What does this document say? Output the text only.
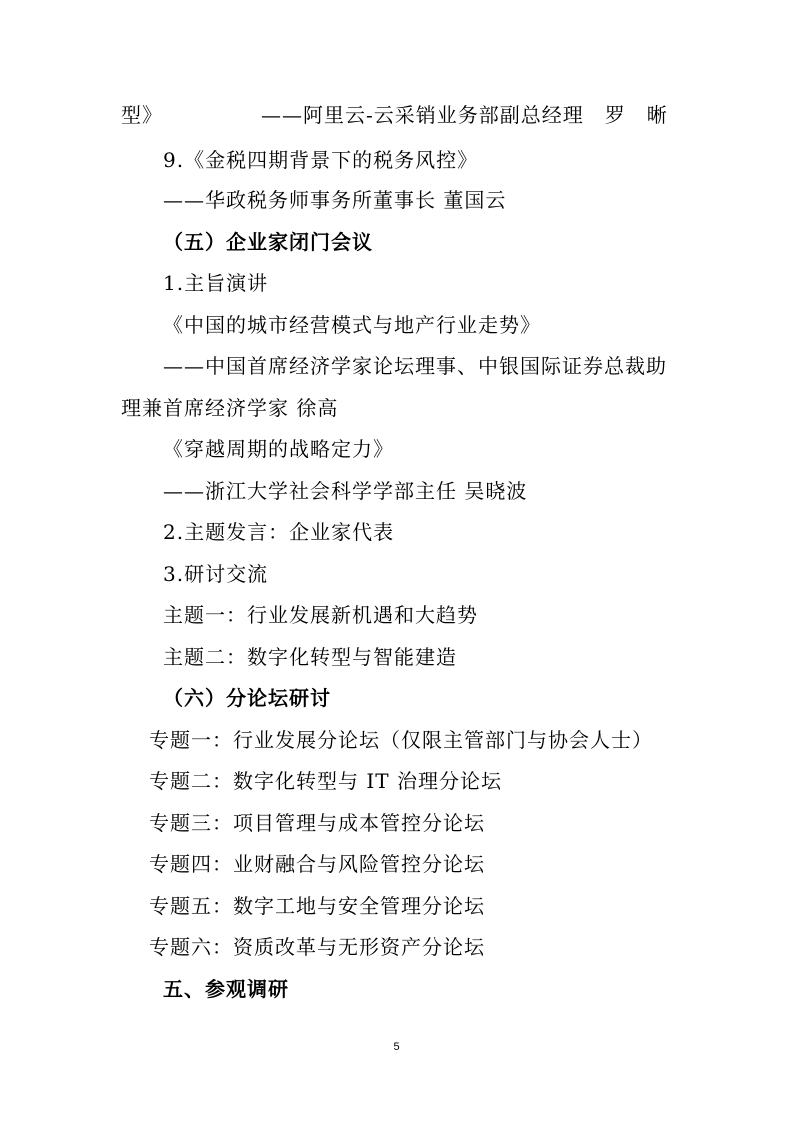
型》	——阿里云-云采销业务部副总经理　罗　晰
9.《金税四期背景下的税务风控》
——华政税务师事务所董事长 董国云
（五）企业家闭门会议
1.主旨演讲
《中国的城市经营模式与地产行业走势》
——中国首席经济学家论坛理事、中银国际证券总裁助
理兼首席经济学家 徐高
《穿越周期的战略定力》
——浙江大学社会科学学部主任 吴晓波
2.主题发言：企业家代表
3.研讨交流
主题一：行业发展新机遇和大趋势
主题二：数字化转型与智能建造
（六）分论坛研讨
专题一：行业发展分论坛（仅限主管部门与协会人士）
专题二：数字化转型与 IT 治理分论坛
专题三：项目管理与成本管控分论坛
专题四：业财融合与风险管控分论坛
专题五：数字工地与安全管理分论坛
专题六：资质改革与无形资产分论坛
五、参观调研
5
